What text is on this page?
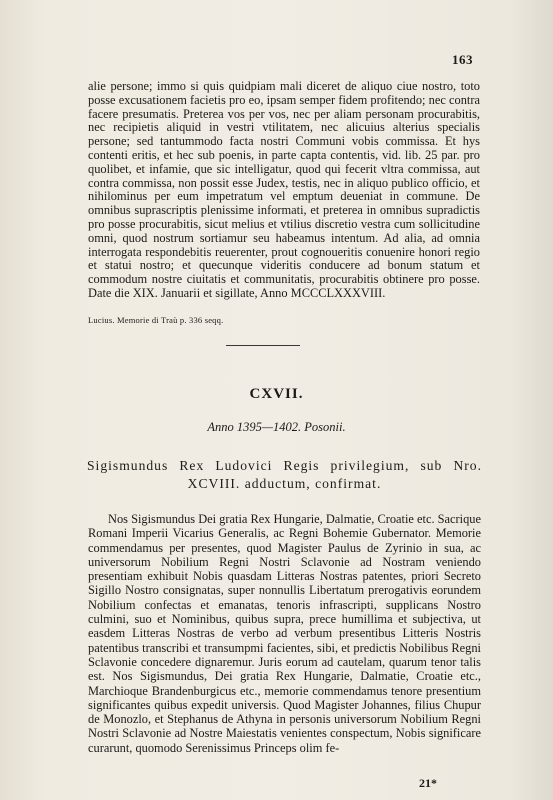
163

alie persone; immo si quis quidpiam mali diceret de aliquo ciue nostro, toto posse excusationem facietis pro eo, ipsam semper fidem profitendo; nec contra facere presumatis. Preterea vos per vos, nec per aliam personam procurabitis, nec recipietis aliquid in vestri vtilitatem, nec alicuius alterius specialis persone; sed tantummodo facta nostri Communi vobis commissa. Et hys contenti eritis, et hec sub poenis, in parte capta contentis, vid. lib. 25 par. pro quolibet, et infamie, que sic intelligatur, quod qui fecerit vltra commissa, aut contra commissa, non possit esse Judex, testis, nec in aliquo publico officio, et nihilominus per eum impetratum vel emptum deueniat in commune. De omnibus suprascriptis plenissime informati, et preterea in omnibus supradictis pro posse procurabitis, sicut melius et vtilius discretio vestra cum sollicitudine omni, quod nostrum sortiamur seu habeamus intentum. Ad alia, ad omnia interrogata respondebitis reuerenter, prout cognoueritis conuenire honori regio et statui nostro; et quecunque videritis conducere ad bonum statum et commodum nostre ciuitatis et communitatis, procurabitis obtinere pro posse. Date die XIX. Januarii et sigillate, Anno MCCCLXXXVIII.

Lucius. Memorie di Traù p. 336 seqq.
CXVII.
Anno 1395—1402. Posonii.
Sigismundus Rex Ludovici Regis privilegium, sub Nro. XCVIII. adductum, confirmat.

Nos Sigismundus Dei gratia Rex Hungarie, Dalmatie, Croatie etc. Sacrique Romani Imperii Vicarius Generalis, ac Regni Bohemie Gubernator. Memorie commendamus per presentes, quod Magister Paulus de Zyrinio in sua, ac universorum Nobilium Regni Nostri Sclavonie ad Nostram veniendo presentiam exhibuit Nobis quasdam Litteras Nostras patentes, priori Secreto Sigillo Nostro consignatas, super nonnullis Libertatum prerogativis eorundem Nobilium confectas et emanatas, tenoris infrascripti, supplicans Nostro culmini, suo et Nominibus, quibus supra, prece humillima et subjectiva, ut easdem Litteras Nostras de verbo ad verbum presentibus Litteris Nostris patentibus transcribi et transumpmi facientes, sibi, et predictis Nobilibus Regni Sclavonie concedere dignaremur. Juris eorum ad cautelam, quarum tenor talis est. Nos Sigismundus, Dei gratia Rex Hungarie, Dalmatie, Croatie etc., Marchioque Brandenburgicus etc., memorie commendamus tenore presentium significantes quibus expedit universis. Quod Magister Johannes, filius Chupur de Monozlo, et Stephanus de Athyna in personis universorum Nobilium Regni Nostri Sclavonie ad Nostre Maiestatis venientes conspectum, Nobis significare curarunt, quomodo Serenissimus Princeps olim fe-

21*
